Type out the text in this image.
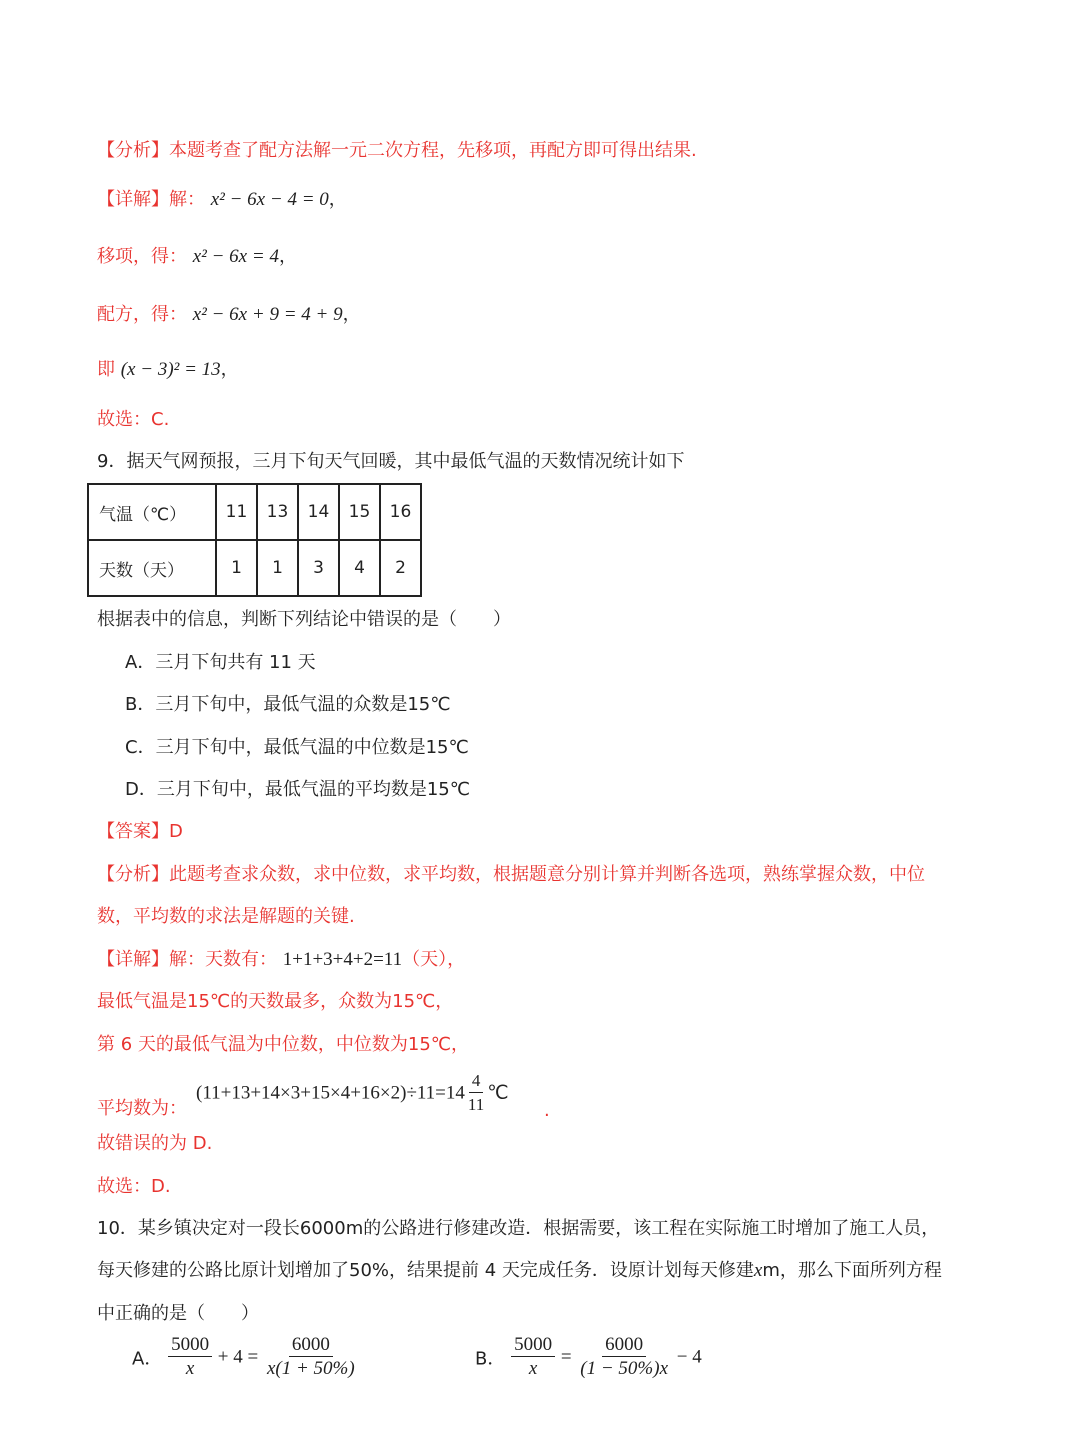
【分析】本题考查了配方法解一元二次方程，先移项，再配方即可得出结果.
【详解】解： x² − 6x − 4 = 0，
移项，得： x² − 6x = 4，
配方，得： x² − 6x + 9 = 4 + 9，
即 (x − 3)² = 13，
故选：C.
9．据天气网预报，三月下旬天气回暖，其中最低气温的天数情况统计如下
气温（℃）	11	13	14	15	16
天数（天）	1	1	3	4	2
根据表中的信息，判断下列结论中错误的是（　　）
A．三月下旬共有 11 天
B．三月下旬中，最低气温的众数是15℃
C．三月下旬中，最低气温的中位数是15℃
D．三月下旬中，最低气温的平均数是15℃
【答案】D
【分析】此题考查求众数，求中位数，求平均数，根据题意分别计算并判断各选项，熟练掌握众数，中位
数，平均数的求法是解题的关键.
【详解】解：天数有： 1+1+3+4+2=11（天），
最低气温是15℃的天数最多，众数为15℃，
第 6 天的最低气温为中位数，中位数为15℃，
平均数为：
$(11+13+14\times 3+15\times 4+16\times 2)\div 11=14 \frac{4}{11}$ ℃
.
故错误的为 D.
故选：D.
10．某乡镇决定对一段长6000m的公路进行修建改造．根据需要，该工程在实际施工时增加了施工人员，
每天修建的公路比原计划增加了50%，结果提前 4 天完成任务．设原计划每天修建xm，那么下面所列方程
中正确的是（　　）
A． $\frac{5000}{x} + 4 = \frac{6000}{x(1 + 50\%)}$	B． $\frac{5000}{x} = \frac{6000}{(1 - 50\%)x} - 4$
